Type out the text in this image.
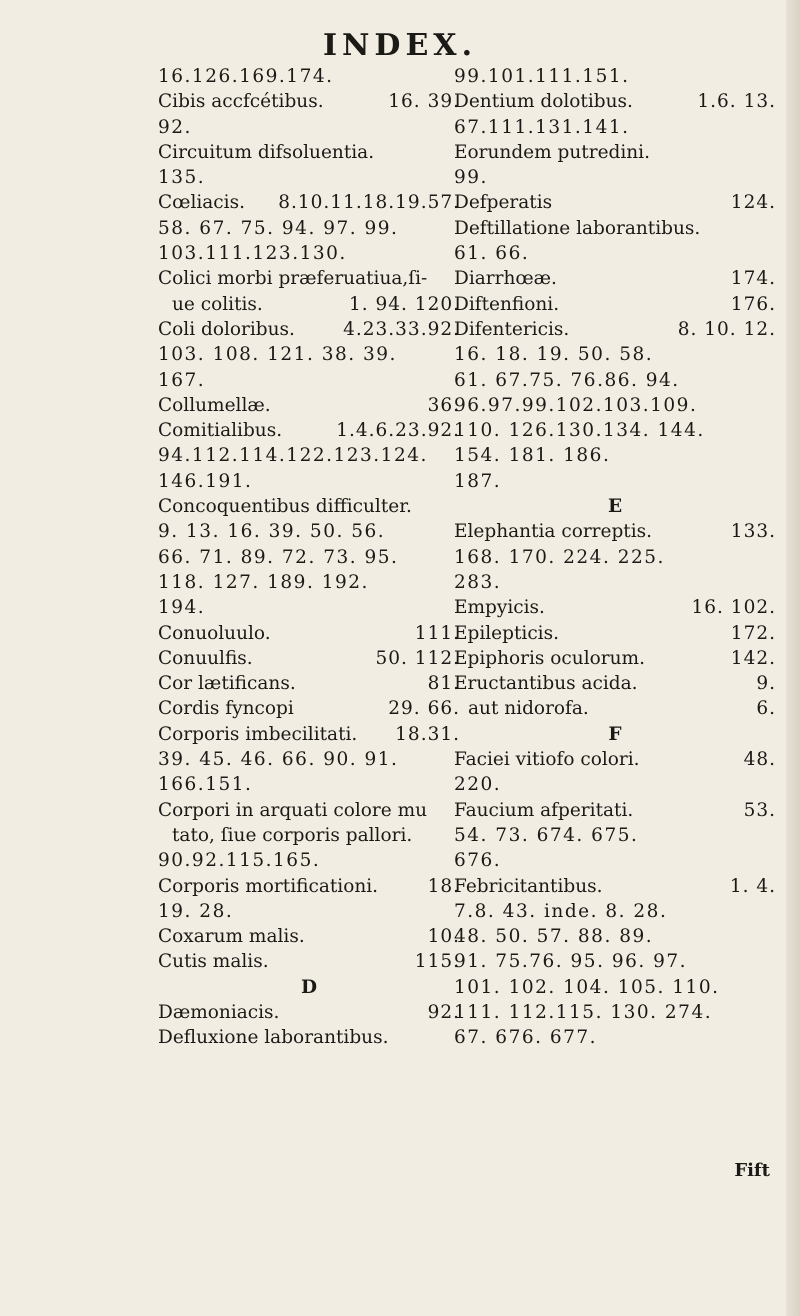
INDEX.
16.126.169.174.
Cibis accfcétibus.	16. 39.
92.
Circuitum difsoluentia.
135.
Cœliacis. 8.10.11.18.19.57.
58. 67. 75. 94. 97. 99.
103.111.123.130.
Colici morbi præferuatiua,ſi-
ue colitis.	1. 94. 120.
Coli doloribus.	4.23.33.92.
103. 108. 121. 38. 39.
167.
Collumellæ.	36.
Comitialibus.	1.4.6.23.92.
94.112.114.122.123.124.
146.191.
Concoquentibus difficulter.
9. 13. 16. 39. 50. 56.
66. 71. 89. 72. 73. 95.
118. 127. 189. 192.
194.
Conuoluulo.	111.
Conuulfis.	50. 112.
Cor lætificans.	81.
Cordis fyncopi	29. 66.
Corporis imbecilitati. 18.31.
39. 45. 46. 66. 90. 91.
166.151.
Corpori in arquati colore mu
tato, ſiue corporis pallori.
90.92.115.165.
Corporis mortificationi.	18.
19. 28.
Coxarum malis.	10.
Cutis malis.	115.
D
Dæmoniacis.	92.
Defluxione laborantibus.
99.101.111.151.
Dentium dolotibus.	1.6. 13.
67.111.131.141.
Eorundem putredini.
99.
Defperatis	124.
Deftillatione laborantibus.
61. 66.
Diarrhœæ.	174.
Diftenfioni.	176.
Difentericis.	8. 10. 12.
16. 18. 19. 50. 58.
61. 67.75. 76.86. 94.
96.97.99.102.103.109.
110. 126.130.134. 144.
154. 181. 186.
187.
E
Elephantia correptis.	133.
168. 170. 224. 225.
283.
Empyicis.	16. 102.
Epilepticis.	172.
Epiphoris oculorum.	142.
Eructantibus acida.	9.
aut nidorofa.	6.
F
Faciei vitiofo colori.	48.
220.
Faucium afperitati.	53.
54. 73. 674. 675.
676.
Febricitantibus.	1. 4.
7.8. 43. inde. 8. 28.
48. 50. 57. 88. 89.
91. 75.76. 95. 96. 97.
101. 102. 104. 105. 110.
111. 112.115. 130. 274.
67. 676. 677.
Fift
